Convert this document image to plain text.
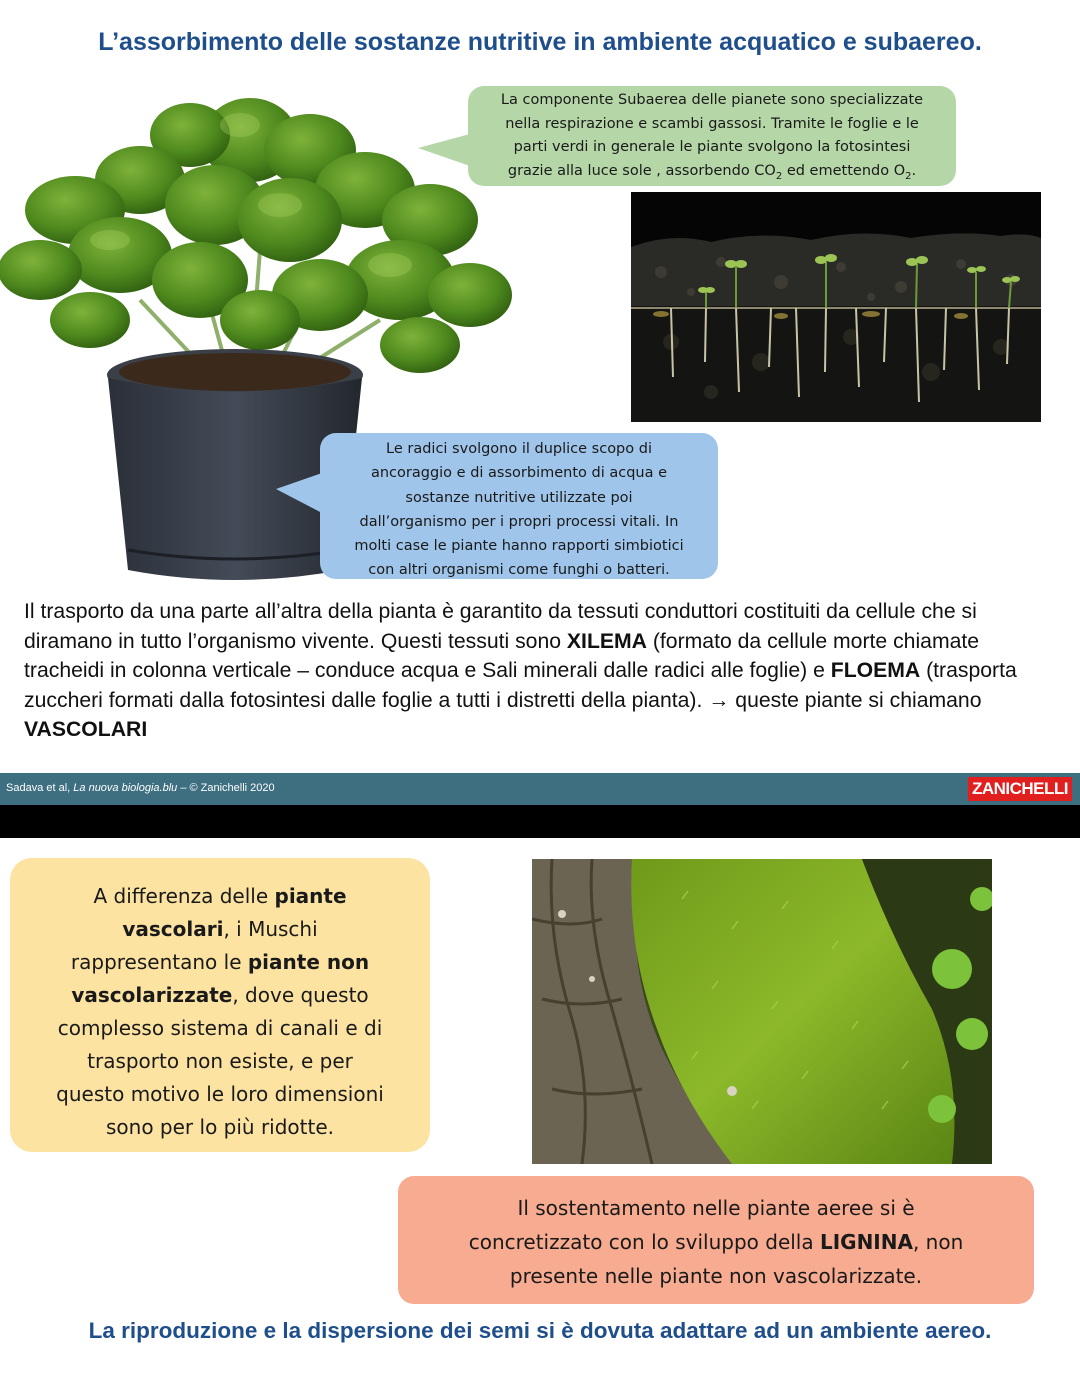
L’assorbimento delle sostanze nutritive in ambiente acquatico e subaereo.
La componente Subaerea delle pianete sono specializzate
nella respirazione e scambi gassosi. Tramite le foglie e le
parti verdi in generale le piante svolgono la fotosintesi
grazie alla luce sole , assorbendo $CO_2$ ed emettendo $O_2$.
Le radici svolgono il duplice scopo di
ancoraggio e di assorbimento di acqua e
sostanze nutritive utilizzate poi
dall’organismo per i propri processi vitali. In
molti case le piante hanno rapporti simbiotici
con altri organismi come funghi o batteri.
Il trasporto da una parte all’altra della pianta è garantito da tessuti conduttori costituiti da cellule che si diramano in tutto l’organismo vivente. Questi tessuti sono XILEMA (formato da cellule morte chiamate tracheidi in colonna verticale – conduce acqua e Sali minerali dalle radici alle foglie) e FLOEMA (trasporta zuccheri formati dalla fotosintesi dalle foglie a tutti i distretti della pianta). → queste piante si chiamano VASCOLARI
Sadava et al, La nuova biologia.blu – © Zanichelli 2020	ZANICHELLI
A differenza delle piante
vascolari, i Muschi
rappresentano le piante non
vascolarizzate, dove questo
complesso sistema di canali e di
trasporto non esiste, e per
questo motivo le loro dimensioni
sono per lo più ridotte.
Il sostentamento nelle piante aeree si è
concretizzato con lo sviluppo della LIGNINA, non
presente nelle piante non vascolarizzate.
La riproduzione e la dispersione dei semi si è dovuta adattare ad un ambiente aereo.
